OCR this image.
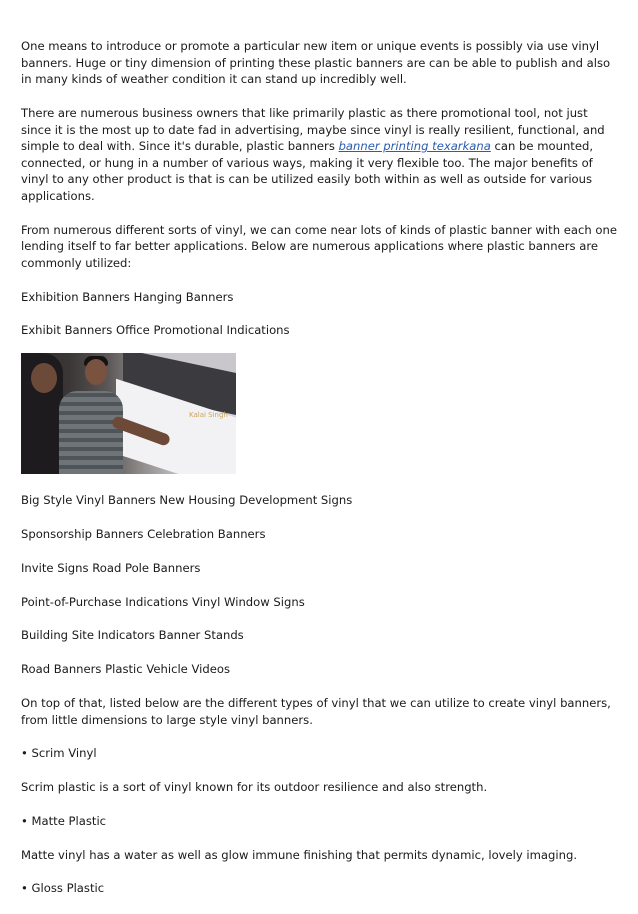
One means to introduce or promote a particular new item or unique events is possibly via use vinyl banners. Huge or tiny dimension of printing these plastic banners are can be able to publish and also in many kinds of weather condition it can stand up incredibly well.

There are numerous business owners that like primarily plastic as there promotional tool, not just since it is the most up to date fad in advertising, maybe since vinyl is really resilient, functional, and simple to deal with. Since it's durable, plastic banners banner printing texarkana can be mounted, connected, or hung in a number of various ways, making it very flexible too. The major benefits of vinyl to any other product is that is can be utilized easily both within as well as outside for various applications.

From numerous different sorts of vinyl, we can come near lots of kinds of plastic banner with each one lending itself to far better applications. Below are numerous applications where plastic banners are commonly utilized:

Exhibition Banners Hanging Banners

Exhibit Banners Office Promotional Indications

Kalai Singh

Big Style Vinyl Banners New Housing Development Signs

Sponsorship Banners Celebration Banners

Invite Signs Road Pole Banners

Point-of-Purchase Indications Vinyl Window Signs

Building Site Indicators Banner Stands

Road Banners Plastic Vehicle Videos

On top of that, listed below are the different types of vinyl that we can utilize to create vinyl banners, from little dimensions to large style vinyl banners.

• Scrim Vinyl

Scrim plastic is a sort of vinyl known for its outdoor resilience and also strength.

• Matte Plastic

Matte vinyl has a water as well as glow immune finishing that permits dynamic, lovely imaging.

• Gloss Plastic
